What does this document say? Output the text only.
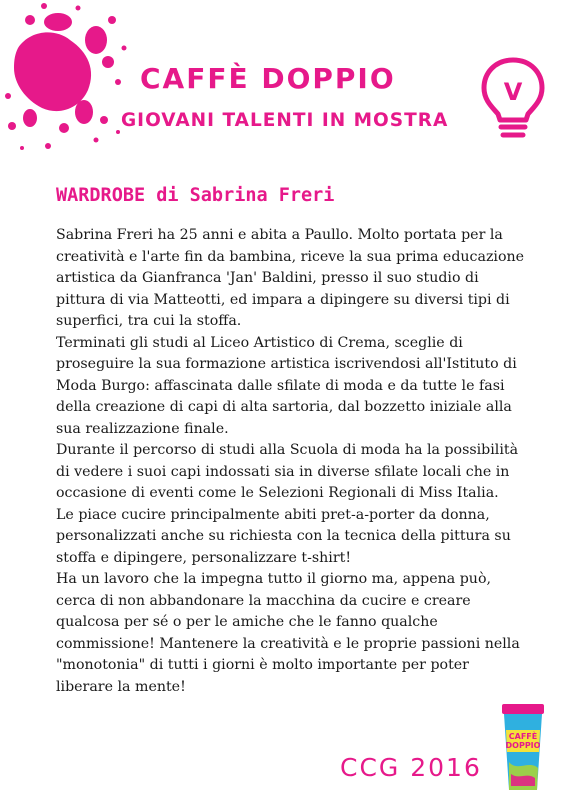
CAFFÈ DOPPIO
GIOVANI TALENTI IN MOSTRA
V
WARDROBE di Sabrina Freri

Sabrina Freri ha 25 anni e abita a Paullo. Molto portata per la creatività e l'arte fin da bambina, riceve la sua prima educazione artistica da Gianfranca 'Jan' Baldini, presso il suo studio di pittura di via Matteotti, ed impara a dipingere su diversi tipi di superfici, tra cui la stoffa.

Terminati gli studi al Liceo Artistico di Crema, sceglie di proseguire la sua formazione artistica iscrivendosi all'Istituto di Moda Burgo: affascinata dalle sfilate di moda e da tutte le fasi della creazione di capi di alta sartoria, dal bozzetto iniziale alla sua realizzazione finale.

Durante il percorso di studi alla Scuola di moda ha la possibilità di vedere i suoi capi indossati sia in diverse sfilate locali che in occasione di eventi come le Selezioni Regionali di Miss Italia.

Le piace cucire principalmente abiti pret-a-porter da donna, personalizzati anche su richiesta con la tecnica della pittura su stoffa e dipingere, personalizzare t-shirt!

Ha un lavoro che la impegna tutto il giorno ma, appena può, cerca di non abbandonare la macchina da cucire e creare qualcosa per sé o per le amiche che le fanno qualche commissione! Mantenere la creatività e le proprie passioni nella "monotonia" di tutti i giorni è molto importante per poter liberare la mente!

CAFFÈ
DOPPIO
CCG 2016
